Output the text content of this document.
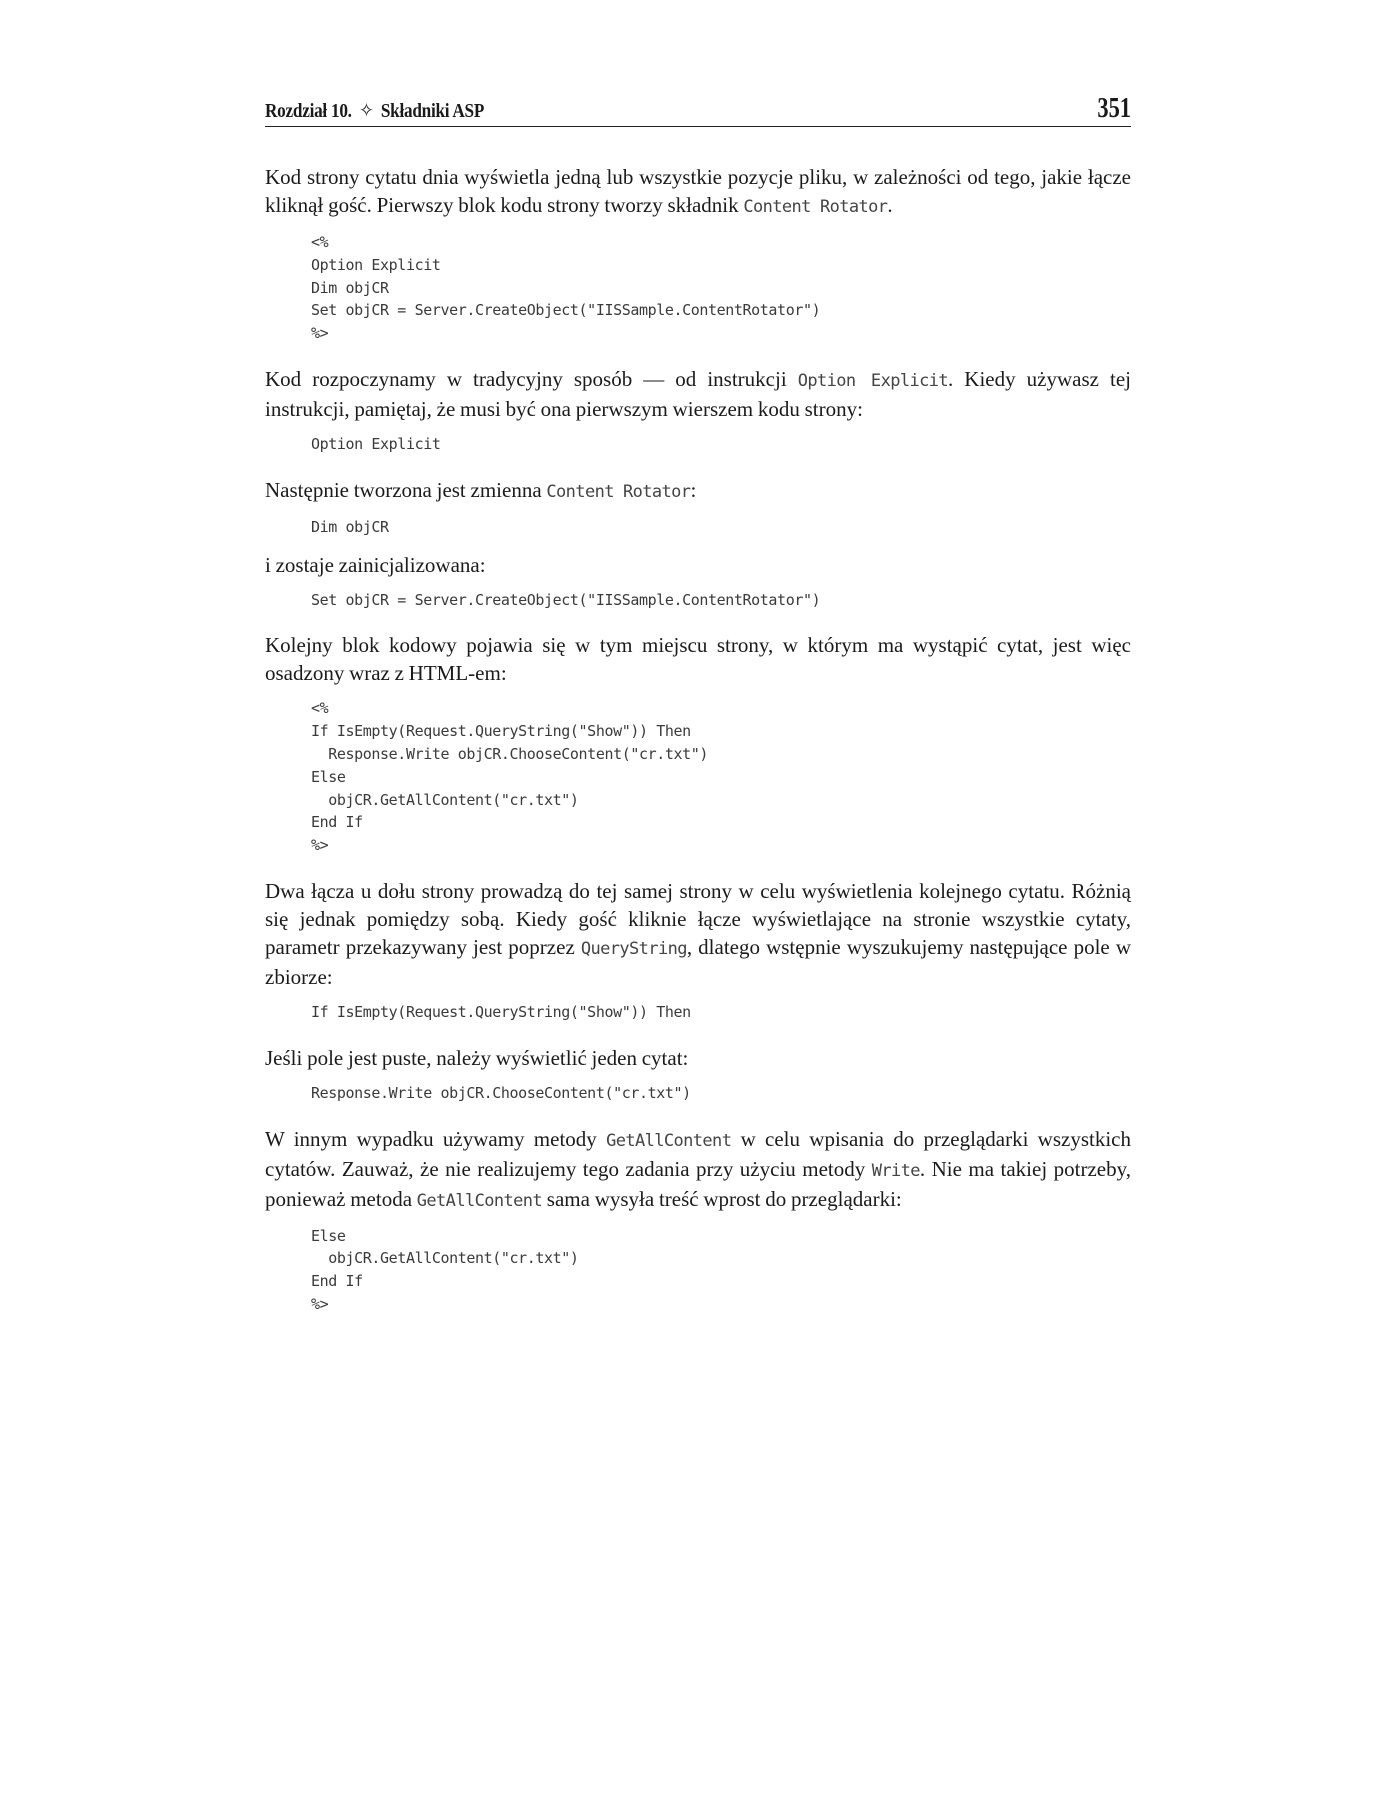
Rozdział 10. ✧ Składniki ASP	351

Kod strony cytatu dnia wyświetla jedną lub wszystkie pozycje pliku, w zależności od tego, jakie łącze kliknął gość. Pierwszy blok kodu strony tworzy składnik Content Rotator.

<%
Option Explicit
Dim objCR
Set objCR = Server.CreateObject("IISSample.ContentRotator")
%>

Kod rozpoczynamy w tradycyjny sposób — od instrukcji Option Explicit. Kiedy używasz tej instrukcji, pamiętaj, że musi być ona pierwszym wierszem kodu strony:

Option Explicit

Następnie tworzona jest zmienna Content Rotator:

Dim objCR

i zostaje zainicjalizowana:

Set objCR = Server.CreateObject("IISSample.ContentRotator")

Kolejny blok kodowy pojawia się w tym miejscu strony, w którym ma wystąpić cytat, jest więc osadzony wraz z HTML-em:

<%
If IsEmpty(Request.QueryString("Show")) Then
Response.Write objCR.ChooseContent("cr.txt")
Else
objCR.GetAllContent("cr.txt")
End If
%>

Dwa łącza u dołu strony prowadzą do tej samej strony w celu wyświetlenia kolejnego cytatu. Różnią się jednak pomiędzy sobą. Kiedy gość kliknie łącze wyświetlające na stronie wszystkie cytaty, parametr przekazywany jest poprzez QueryString, dlatego wstępnie wyszukujemy następujące pole w zbiorze:

If IsEmpty(Request.QueryString("Show")) Then

Jeśli pole jest puste, należy wyświetlić jeden cytat:

Response.Write objCR.ChooseContent("cr.txt")

W innym wypadku używamy metody GetAllContent w celu wpisania do przeglądarki wszystkich cytatów. Zauważ, że nie realizujemy tego zadania przy użyciu metody Write. Nie ma takiej potrzeby, ponieważ metoda GetAllContent sama wysyła treść wprost do przeglądarki:

Else
objCR.GetAllContent("cr.txt")
End If
%>
